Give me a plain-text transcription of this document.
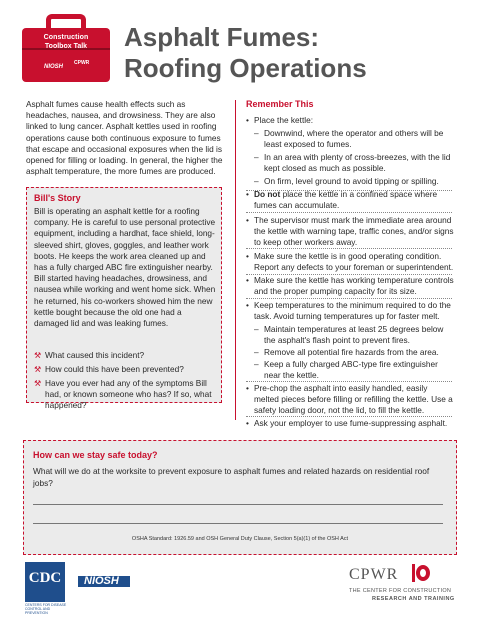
Construction
Toolbox Talk
NIOSH
CPWR
Asphalt Fumes:
Roofing Operations
Asphalt fumes cause health effects such as headaches, nausea, and drowsiness. They are also linked to lung cancer. Asphalt kettles used in roofing operations cause both continuous exposure to fumes that escape and occasional exposures when the lid is opened for filling or loading. In general, the higher the asphalt temperature, the more fumes are produced.
Bill's Story
Bill is operating an asphalt kettle for a roofing company. He is careful to use personal protective equipment, including a hardhat, face shield, long-sleeved shirt, gloves, goggles, and leather work boots. He keeps the work area cleaned up and has a fully charged ABC fire extinguisher nearby. Bill started having headaches, drowsiness, and nausea while working and went home sick. When he returned, his co-workers showed him the new kettle bought because the old one had a damaged lid and was leaking fumes.
⚒ What caused this incident?
⚒ How could this have been prevented?
⚒ Have you ever had any of the symptoms Bill had, or known someone who has? If so, what happened?
Remember This
• Place the kettle:
– Downwind, where the operator and others will be least exposed to fumes.
– In an area with plenty of cross-breezes, with the lid kept closed as much as possible.
– On firm, level ground to avoid tipping or spilling.
• Do not place the kettle in a confined space where fumes can accumulate.
• The supervisor must mark the immediate area around the kettle with warning tape, traffic cones, and/or signs to keep other workers away.
• Make sure the kettle is in good operating condition. Report any defects to your foreman or superintendent.
• Make sure the kettle has working temperature controls and the proper pumping capacity for its size.
• Keep temperatures to the minimum required to do the task. Avoid turning temperatures up for faster melt.
– Maintain temperatures at least 25 degrees below the asphalt's flash point to prevent fires.
– Remove all potential fire hazards from the area.
– Keep a fully charged ABC-type fire extinguisher near the kettle.
• Pre-chop the asphalt into easily handled, easily melted pieces before filling or refilling the kettle. Use a safety loading door, not the lid, to fill the kettle.
• Ask your employer to use fume-suppressing asphalt.
How can we stay safe today?
What will we do at the worksite to prevent exposure to asphalt fumes and related hazards on residential roof jobs?
OSHA Standard: 1926.59 and OSH General Duty Clause, Section 5(a)(1) of the OSH Act
CDC
CENTERS FOR DISEASE CONTROL AND PREVENTION
NIOSH	CPWR
THE CENTER FOR CONSTRUCTION
RESEARCH AND TRAINING
